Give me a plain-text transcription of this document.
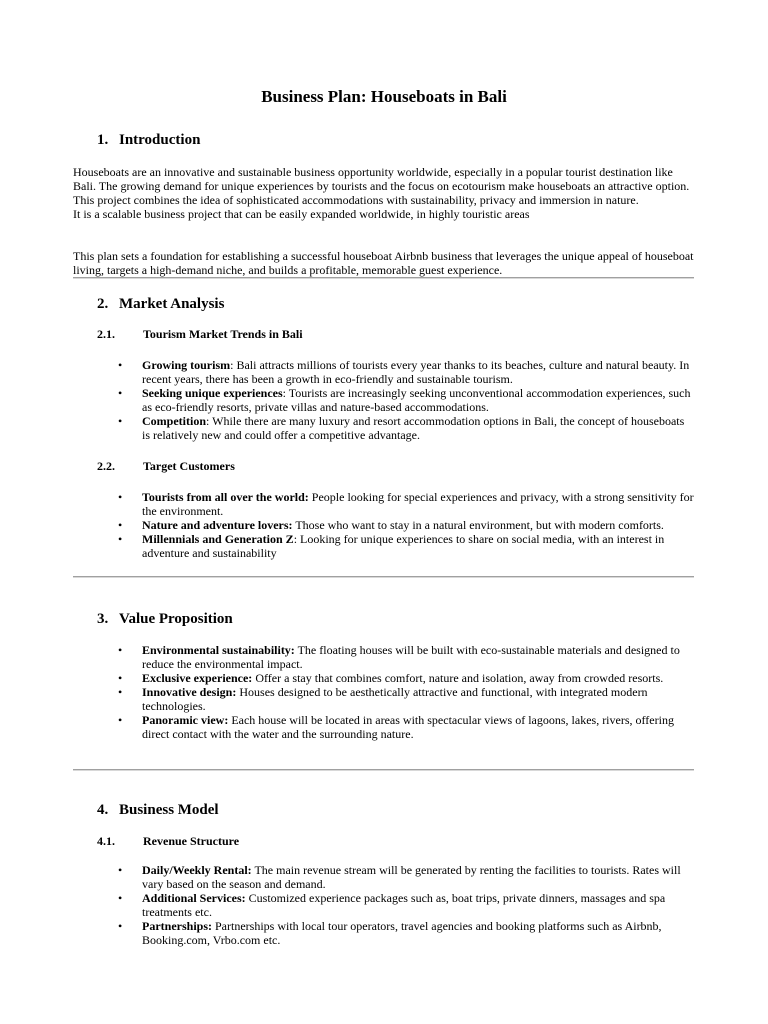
Business Plan: Houseboats in Bali
1. Introduction

Houseboats are an innovative and sustainable business opportunity worldwide, especially in a popular tourist destination like Bali. The growing demand for unique experiences by tourists and the focus on ecotourism make houseboats an attractive option. This project combines the idea of sophisticated accommodations with sustainability, privacy and immersion in nature.

It is a scalable business project that can be easily expanded worldwide, in highly touristic areas

This plan sets a foundation for establishing a successful houseboat Airbnb business that leverages the unique appeal of houseboat living, targets a high-demand niche, and builds a profitable, memorable guest experience.

2. Market Analysis
2.1. Tourism Market Trends in Bali
• Growing tourism: Bali attracts millions of tourists every year thanks to its beaches, culture and natural beauty. In recent years, there has been a growth in eco-friendly and sustainable tourism.
• Seeking unique experiences: Tourists are increasingly seeking unconventional accommodation experiences, such as eco-friendly resorts, private villas and nature-based accommodations.
• Competition: While there are many luxury and resort accommodation options in Bali, the concept of houseboats is relatively new and could offer a competitive advantage.
2.2. Target Customers
• Tourists from all over the world: People looking for special experiences and privacy, with a strong sensitivity for the environment.
• Nature and adventure lovers: Those who want to stay in a natural environment, but with modern comforts.
• Millennials and Generation Z: Looking for unique experiences to share on social media, with an interest in adventure and sustainability
3. Value Proposition
• Environmental sustainability: The floating houses will be built with eco-sustainable materials and designed to reduce the environmental impact.
• Exclusive experience: Offer a stay that combines comfort, nature and isolation, away from crowded resorts.
• Innovative design: Houses designed to be aesthetically attractive and functional, with integrated modern technologies.
• Panoramic view: Each house will be located in areas with spectacular views of lagoons, lakes, rivers, offering direct contact with the water and the surrounding nature.
4. Business Model
4.1. Revenue Structure
• Daily/Weekly Rental: The main revenue stream will be generated by renting the facilities to tourists. Rates will vary based on the season and demand.
• Additional Services: Customized experience packages such as, boat trips, private dinners, massages and spa treatments etc.
• Partnerships: Partnerships with local tour operators, travel agencies and booking platforms such as Airbnb, Booking.com, Vrbo.com etc.
